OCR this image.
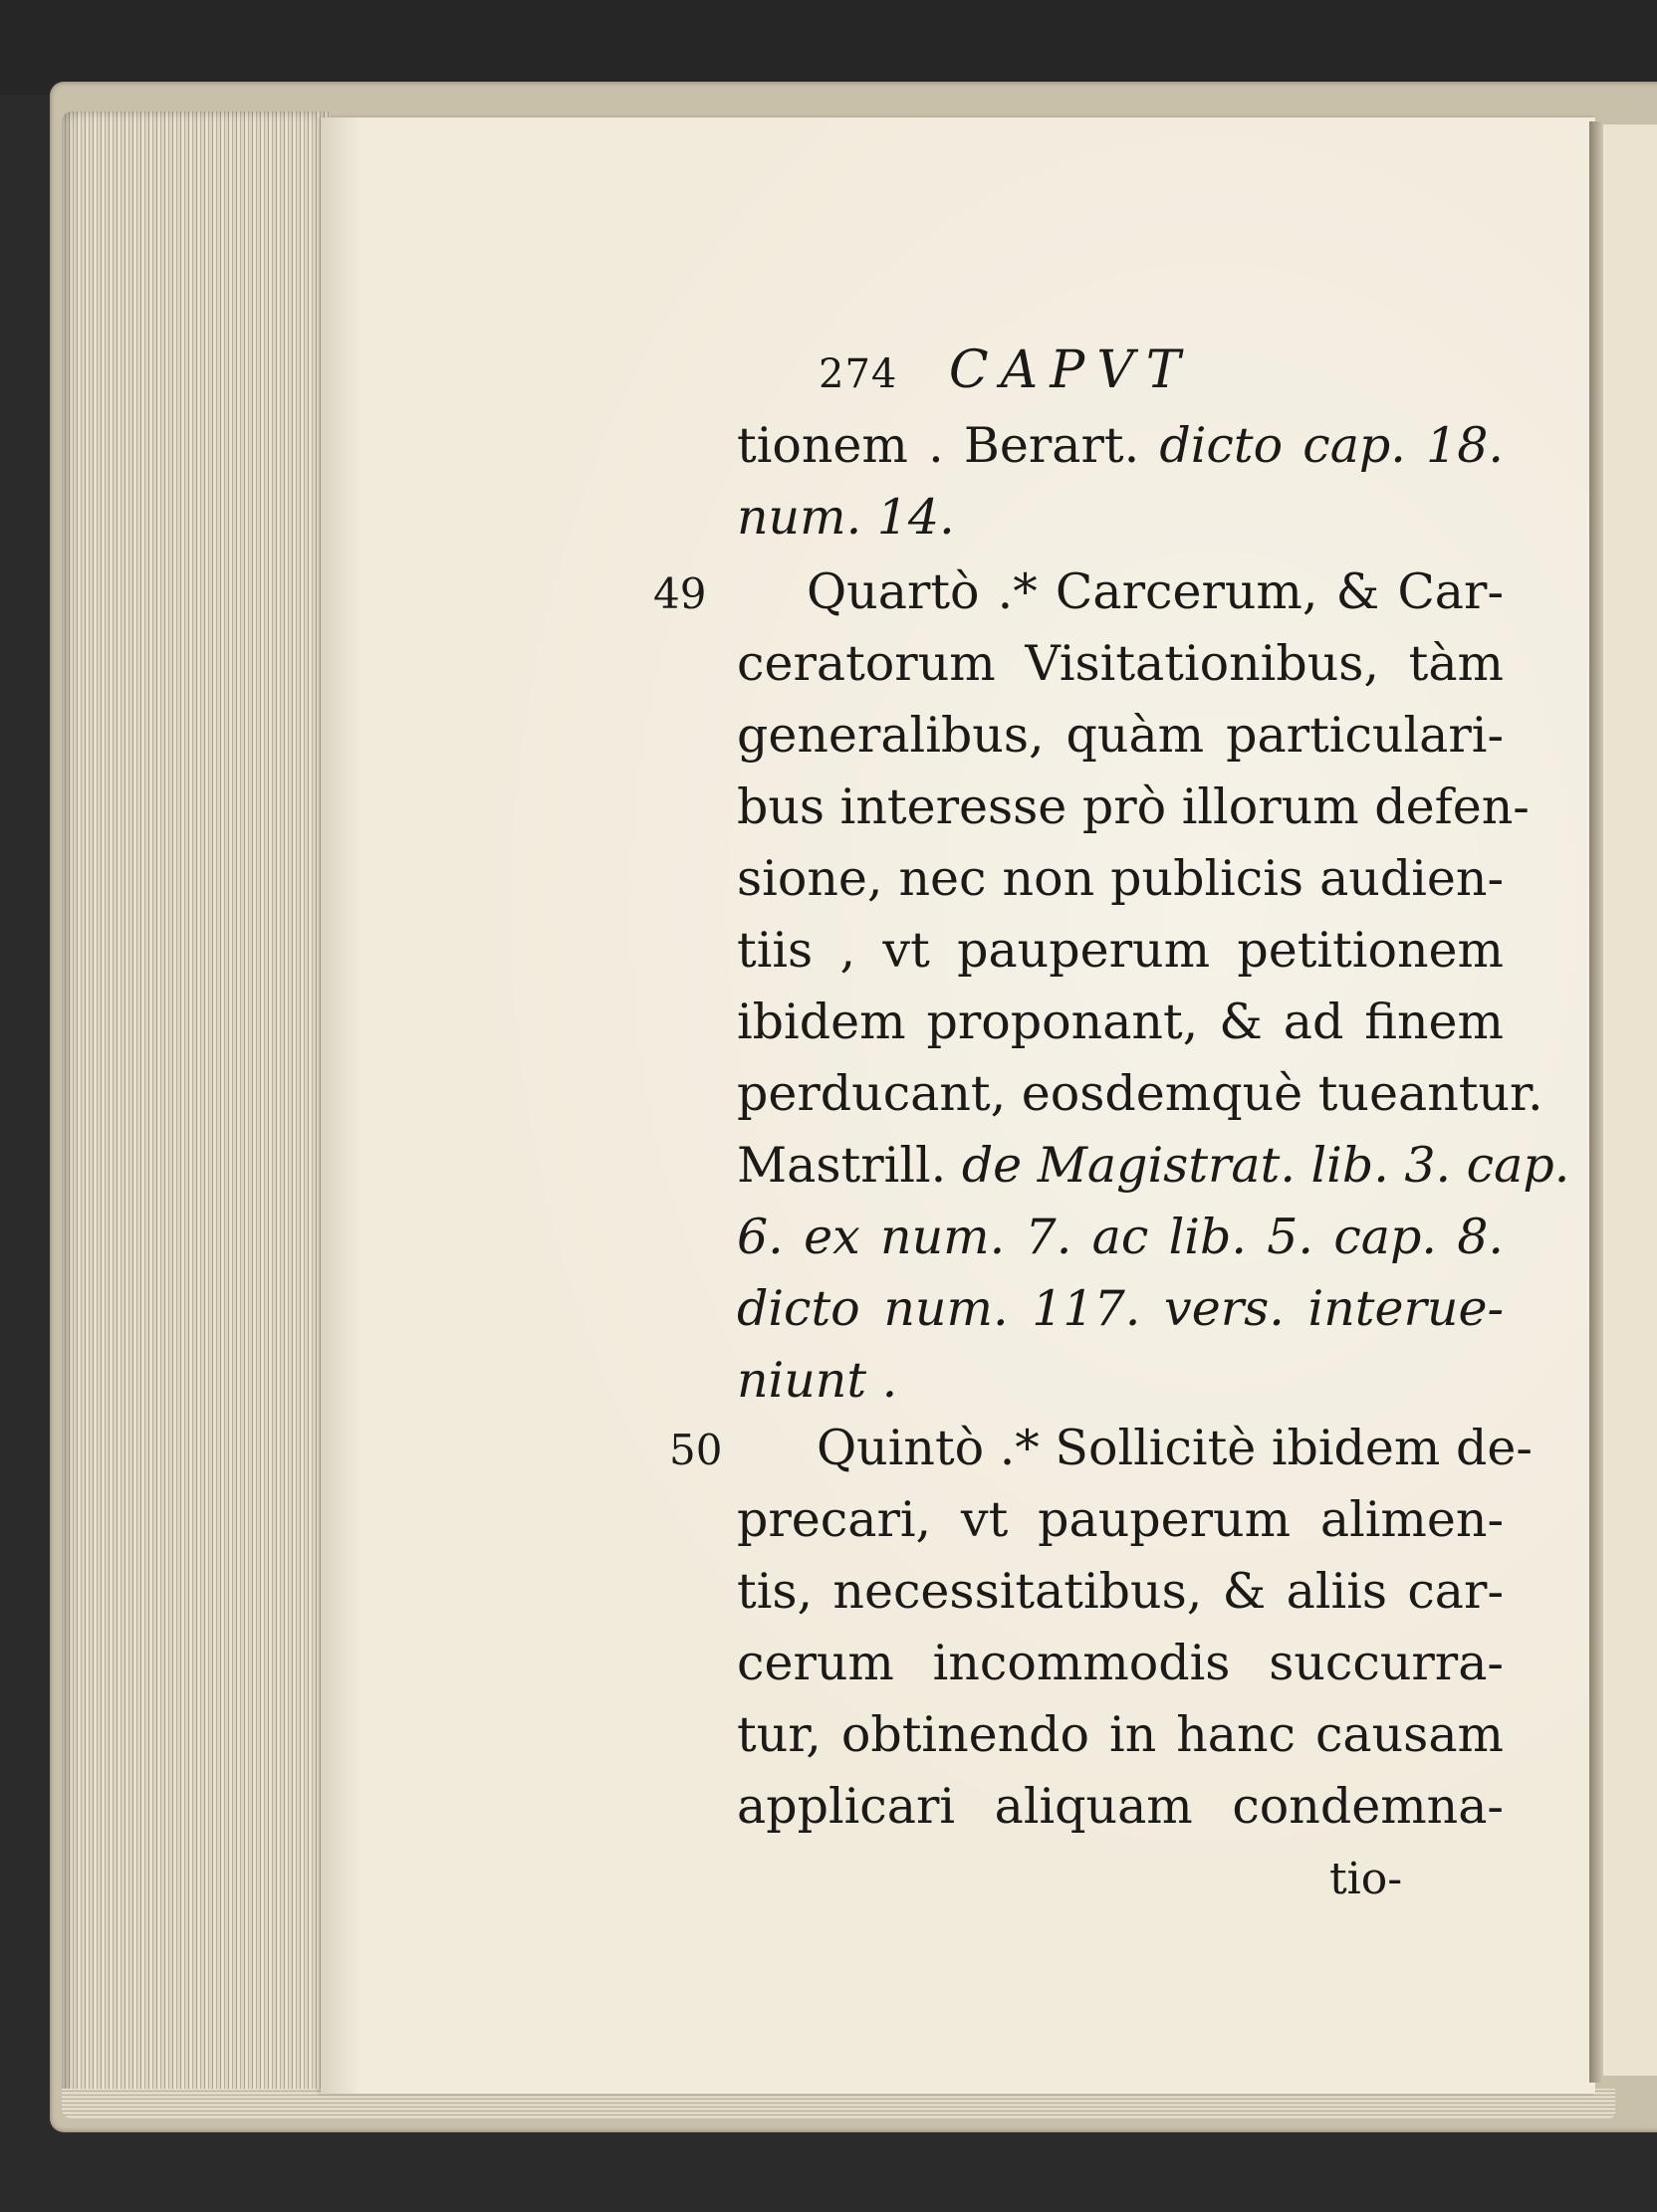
274 CAPVT
tionem . Berart. dicto cap. 18.
num. 14.
49 Quartò .* Carcerum, & Car-
ceratorum Visitationibus, tàm
generalibus, quàm particulari-
bus interesse prò illorum defen-
sione, nec non publicis audien-
tiis , vt pauperum petitionem
ibidem proponant, & ad finem
perducant, eosdemquè tueantur.
Mastrill. de Magistrat. lib. 3. cap.
6. ex num. 7. ac lib. 5. cap. 8.
dicto num. 117. vers. interue-
niunt .
50 Quintò .* Sollicitè ibidem de-
precari, vt pauperum alimen-
tis, necessitatibus, & aliis car-
cerum incommodis succurra-
tur, obtinendo in hanc causam
applicari aliquam condemna-
tio-
